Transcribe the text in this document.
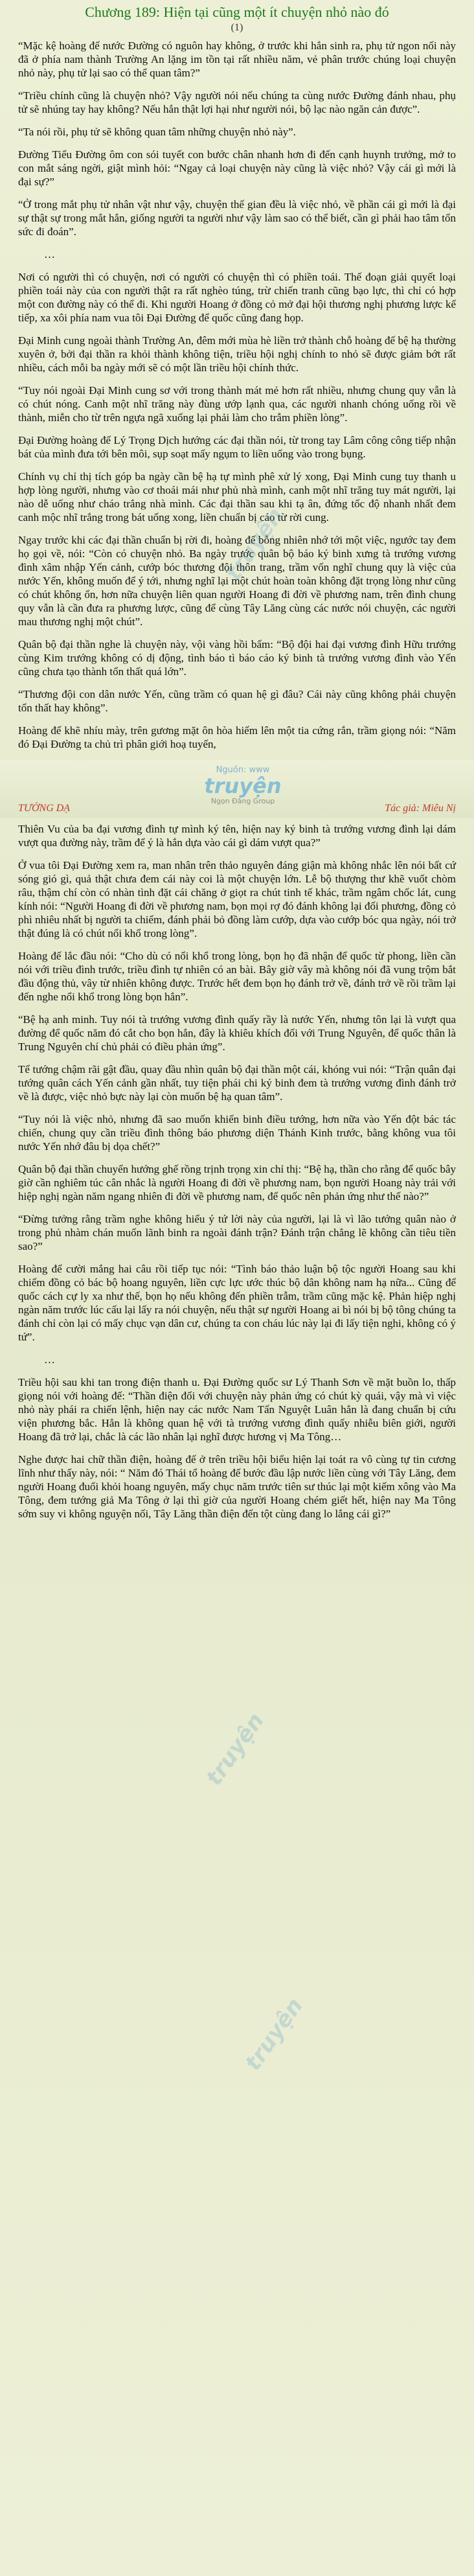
Chương 189: Hiện tại cũng một ít chuyện nhỏ nào đó
(1)

“Mặc kệ hoàng đế nước Đường có nguôn hay không, ở trước khi hắn sinh ra, phụ tử ngon nối này đã ở phía nam thành Trường An lặng im tồn tại rất nhiều năm, vẻ phân trước chúng loại chuyện nhỏ này, phụ tử lại sao có thể quan tâm?”

“Triều chính cũng là chuyện nhỏ? Vậy người nói nếu chúng ta cùng nước Đường đánh nhau, phụ tử sẽ nhúng tay hay không? Nếu hắn thật lợi hại như người nói, bộ lạc nào ngăn cản được”.

“Ta nói rồi, phụ tử sẽ không quan tâm những chuyện nhỏ này”.

Đường Tiểu Đường ôm con sói tuyết con bước chân nhanh hơn đi đến cạnh huynh trưởng, mở to con mắt sáng ngời, giật mình hỏi: “Ngay cả loại chuyện này cũng là việc nhỏ? Vậy cái gì mới là đại sự?”

“Ở trong mắt phụ tử nhân vật như vậy, chuyện thế gian đều là việc nhỏ, về phần cái gì mới là đại sự thật sự trong mắt hắn, giống người ta người như vậy làm sao có thể biết, cần gì phải hao tâm tổn sức đi đoán”.

…

Nơi có người thì có chuyện, nơi có người có chuyện thì có phiền toái. Thế đoạn giải quyết loại phiền toái này của con người thật ra rất nghèo túng, trừ chiến tranh cũng bạo lực, thì chỉ có hợp một con đường này có thể đi. Khi người Hoang ở đồng cỏ mở đại hội thương nghị phương lược kế tiếp, xa xôi phía nam vua tôi Đại Đường để quốc cũng đang họp.

Đại Minh cung ngoài thành Trường An, đêm mới mùa hè liền trở thành chỗ hoàng đế bệ hạ thường xuyên ở, bởi đại thần ra khỏi thành không tiện, triều hội nghị chính to nhỏ sẽ được giảm bớt rất nhiều, cách mỗi ba ngày mới sẽ có một lần triều hội chính thức.

“Tuy nói ngoài Đại Minh cung sơ với trong thành mát mẻ hơn rất nhiều, nhưng chung quy vẫn là có chút nóng. Canh một nhĩ trăng này đùng ướp lạnh qua, các người nhanh chóng uống rồi về thành, miễn cho từ trên ngựa ngã xuống lại phải làm cho trẫm phiền lòng”.

Đại Đường hoàng đế Lý Trọng Dịch hướng các đại thần nói, từ trong tay Lâm công công tiếp nhận bát của mình đưa tới bên môi, sụp soạt mấy ngụm to liền uống vào trong bụng.

Chính vụ chỉ thị tích góp ba ngày cần bệ hạ tự mình phê xử lý xong, Đại Minh cung tuy thanh u hợp lòng người, nhưng vào cơ thoái mái như phủ nhà mình, canh một nhĩ trăng tuy mát người, lại nào dễ uống như cháo trắng nhà mình. Các đại thần sau khi tạ ân, đứng tốc độ nhanh nhất đem canh mộc nhĩ trắng trong bát uống xong, liền chuẩn bị cáo từ rời cung.

Ngay trước khi các đại thần chuẩn bị rời đi, hoàng đế bỗng nhiên nhớ tới một việc, ngước tay đem họ gọi về, nói: “Còn có chuyện nhỏ. Ba ngày trước quân bộ báo ký binh xưng tà trướng vương đình xâm nhập Yến cảnh, cướp bóc thương đội thôn trang, trầm vốn nghĩ chung quy là việc của nước Yến, không muốn để ý tới, nhưng nghĩ lại một chút hoàn toàn không đặt trọng lòng như cũng có chút không ổn, hơn nữa chuyện liên quan người Hoang đi đời về phương nam, trên đình chung quy vẫn là cần đưa ra phương lược, cũng để cùng Tây Lăng cùng các nước nói chuyện, các người mau thương nghị một chút”.

Quân bộ đại thần nghe là chuyện này, vội vàng hồi bẩm: “Bộ đội hai đại vương đình Hữu trướng cùng Kim trướng không có dị động, tình báo tì báo cáo ký binh tà trướng vương đình vào Yến cũng chưa tạo thành tổn thất quá lớn”.

“Thương đội con dân nước Yến, cũng trầm có quan hệ gì đâu? Cái này cũng không phải chuyện tổn thất hay không”.

Hoàng đế khẽ nhíu mày, trên gương mặt ôn hòa hiếm lên một tia cứng rắn, trầm giọng nói: “Năm đó Đại Đường ta chủ trì phân giới hoạ tuyến,

Nguồn: www
truyện
Ngọn Đăng Group
TƯỚNG DẠ	Tác giả: Miêu Nị

Thiên Vu của ba đại vương đình tự mình ký tên, hiện nay ký binh tà trướng vương đình lại dám vượt qua đường này, trầm để ý là hắn dựa vào cái gì dám vượt qua?”

Ở vua tôi Đại Đường xem ra, man nhân trên thảo nguyên đáng giận mà không nhắc lên nói bất cứ sóng gió gì, quả thật chưa đem cái này coi là một chuyện lớn. Lễ bộ thượng thư khẽ vuốt chòm râu, thậm chí còn có nhàn tình đặt cái chăng ở giọt ra chút tinh tế khác, trầm ngâm chốc lát, cung kính nói: “Người Hoang đi đời về phương nam, bọn mọi rợ đó đánh không lại đối phương, đồng cỏ phì nhiêu nhất bị người ta chiếm, đánh phải bỏ đồng làm cướp, dựa vào cướp bóc qua ngày, nói trở thật đúng là có chút nổi khổ trong lòng”.

Hoàng đế lắc đầu nói: “Cho dù có nổi khổ trong lòng, bọn họ đã nhận để quốc từ phong, liền cần nói với triều đình trước, triều đình tự nhiên có an bài. Bây giờ vây mà không nói đã vung trộm bắt đầu động thủ, vây từ nhiên không được. Trước hết đem bọn họ đánh trở về, đánh trở về rồi trầm lại đến nghe nổi khổ trong lòng bọn hắn”.

“Bệ hạ anh minh. Tuy nói tà trướng vương đình quấy rầy là nước Yến, nhưng tôn lại là vượt qua đường để quốc năm đó cắt cho bọn hắn, đây là khiêu khích đối với Trung Nguyên, để quốc thân là Trung Nguyên chí chủ phải có điều phản ứng”.

Tể tướng chậm rãi gật đầu, quay đầu nhìn quân bộ đại thần một cái, khóng vui nói: “Trận quân đại tướng quân cách Yến cảnh gần nhất, tuy tiện phái chi ký binh đem tà trướng vương đình đánh trở về là được, việc nhỏ bực này lại còn muốn bệ hạ quan tâm”.

“Tuy nói là việc nhỏ, nhưng đã sao muốn khiến binh điều tướng, hơn nữa vào Yến đột bác tác chiến, chung quy cần triều đình thông báo phương diện Thánh Kinh trước, bằng không vua tôi nước Yến nhớ đâu bị dọa chết?”

Quân bộ đại thần chuyển hướng ghế rồng trịnh trọng xin chỉ thị: “Bệ hạ, thần cho rằng để quốc bây giờ cần nghiêm túc cân nhắc là người Hoang đi đời về phương nam, bọn người Hoang này trải với hiệp nghị ngàn năm ngang nhiên đi đời về phương nam, để quốc nên phản ứng như thế nào?”

“Đừng tưởng rằng trầm nghe không hiểu ý tứ lời này của người, lại là vì lão tướng quân nào ở trong phủ nhàm chán muốn lãnh binh ra ngoài đánh trận? Đánh trận chẳng lẽ không cần tiêu tiền sao?”

Hoàng đế cười mắng hai câu rồi tiếp tục nói: “Tình báo thảo luận bộ tộc người Hoang sau khi chiếm đồng cỏ bác bộ hoang nguyên, liền cực lực ước thúc bộ dân không nam hạ nữa... Cũng để quốc cách cự ly xa như thế, bọn họ nếu không đến phiền trẫm, trầm cũng mặc kệ. Phản hiệp nghị ngàn năm trước lúc cấu lại lấy ra nói chuyện, nếu thật sự người Hoang ai bì nói bị bộ tông chúng ta đánh chỉ còn lại có mấy chục vạn dân cư, chúng ta con cháu lúc này lại đi lấy tiện nghi, không có ý tứ”.

…

Triều hội sau khi tan trong điện thanh u. Đại Đường quốc sư Lý Thanh Sơn về mặt buồn lo, thấp giọng nói với hoàng đế: “Thần điện đối với chuyện này phản ứng có chút kỳ quái, vậy mà vì việc nhỏ này phái ra chiến lệnh, hiện nay các nước Nam Tấn Nguyệt Luân hẳn là đang chuẩn bị cứu viện phương bắc. Hẳn là không quan hệ với tà trướng vương đình quấy nhiễu biên giới, người Hoang đã trở lại, chắc là các lão nhân lại nghĩ được hương vị Ma Tông…

Nghe được hai chữ thần điện, hoàng đế ở trên triều hội biểu hiện lại toát ra vô cùng tự tin cương lĩnh như thấy này, nói: “ Năm đó Thái tổ hoàng đế bước đầu lập nước liền cùng với Tây Lăng, đem người Hoang đuổi khỏi hoang nguyên, mấy chục năm trước tiên sư thúc lại một kiếm xông vào Ma Tông, đem tướng giả Ma Tông ở lại thì giờ của người Hoang chém giết hết, hiện nay Ma Tông sớm suy vi không nguyện nối, Tây Lăng thần điện đến tột cùng đang lo lắng cái gì?”

truyện
truyện
truyện
